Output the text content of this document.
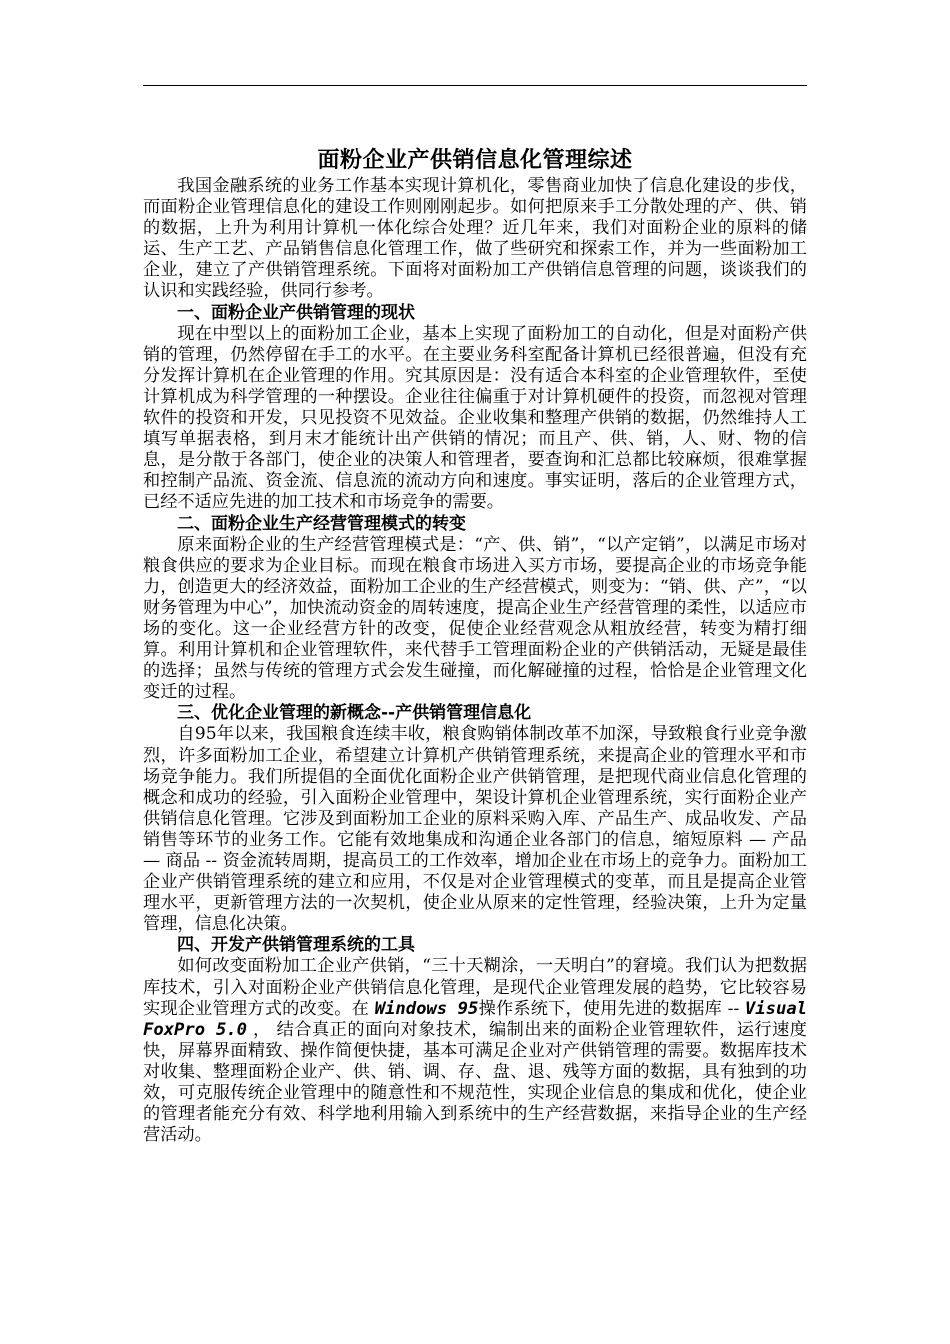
面粉企业产供销信息化管理综述

我国金融系统的业务工作基本实现计算机化，零售商业加快了信息化建设的步伐，而面粉企业管理信息化的建设工作则刚刚起步。如何把原来手工分散处理的产、供、销的数据，上升为利用计算机一体化综合处理？近几年来，我们对面粉企业的原料的储运、生产工艺、产品销售信息化管理工作，做了些研究和探索工作，并为一些面粉加工企业，建立了产供销管理系统。下面将对面粉加工产供销信息管理的问题，谈谈我们的认识和实践经验，供同行参考。

一、面粉企业产供销管理的现状

现在中型以上的面粉加工企业，基本上实现了面粉加工的自动化，但是对面粉产供销的管理，仍然停留在手工的水平。在主要业务科室配备计算机已经很普遍，但没有充分发挥计算机在企业管理的作用。究其原因是：没有适合本科室的企业管理软件，至使计算机成为科学管理的一种摆设。企业往往偏重于对计算机硬件的投资，而忽视对管理软件的投资和开发，只见投资不见效益。企业收集和整理产供销的数据，仍然维持人工填写单据表格，到月末才能统计出产供销的情况；而且产、供、销，人、财、物的信息，是分散于各部门，使企业的决策人和管理者，要查询和汇总都比较麻烦，很难掌握和控制产品流、资金流、信息流的流动方向和速度。事实证明，落后的企业管理方式，已经不适应先进的加工技术和市场竞争的需要。

二、面粉企业生产经营管理模式的转变

原来面粉企业的生产经营管理模式是：“产、供、销”，“以产定销”，以满足市场对粮食供应的要求为企业目标。而现在粮食市场进入买方市场，要提高企业的市场竞争能力，创造更大的经济效益，面粉加工企业的生产经营模式，则变为：“销、供、产”，“以财务管理为中心”，加快流动资金的周转速度，提高企业生产经营管理的柔性，以适应市场的变化。这一企业经营方针的改变，促使企业经营观念从粗放经营，转变为精打细算。利用计算机和企业管理软件，来代替手工管理面粉企业的产供销活动，无疑是最佳的选择；虽然与传统的管理方式会发生碰撞，而化解碰撞的过程，恰恰是企业管理文化变迁的过程。

三、优化企业管理的新概念--产供销管理信息化

自95年以来，我国粮食连续丰收，粮食购销体制改革不加深，导致粮食行业竞争激烈，许多面粉加工企业，希望建立计算机产供销管理系统，来提高企业的管理水平和市场竞争能力。我们所提倡的全面优化面粉企业产供销管理，是把现代商业信息化管理的概念和成功的经验，引入面粉企业管理中，架设计算机企业管理系统，实行面粉企业产供销信息化管理。它涉及到面粉加工企业的原料采购入库、产品生产、成品收发、产品销售等环节的业务工作。它能有效地集成和沟通企业各部门的信息，缩短原料 — 产品 — 商品 -- 资金流转周期，提高员工的工作效率，增加企业在市场上的竞争力。面粉加工企业产供销管理系统的建立和应用，不仅是对企业管理模式的变革，而且是提高企业管理水平，更新管理方法的一次契机，使企业从原来的定性管理，经验决策，上升为定量管理，信息化决策。

四、开发产供销管理系统的工具

如何改变面粉加工企业产供销，“三十天糊涂，一天明白”的窘境。我们认为把数据库技术，引入对面粉企业产供销信息化管理，是现代企业管理发展的趋势，它比较容易实现企业管理方式的改变。在 Windows 95操作系统下，使用先进的数据库 -- Visual FoxPro 5.0 ， 结合真正的面向对象技术，编制出来的面粉企业管理软件，运行速度快，屏幕界面精致、操作简便快捷，基本可满足企业对产供销管理的需要。数据库技术对收集、整理面粉企业产、供、销、调、存、盘、退、残等方面的数据，具有独到的功效，可克服传统企业管理中的随意性和不规范性，实现企业信息的集成和优化，使企业的管理者能充分有效、科学地利用输入到系统中的生产经营数据，来指导企业的生产经营活动。
